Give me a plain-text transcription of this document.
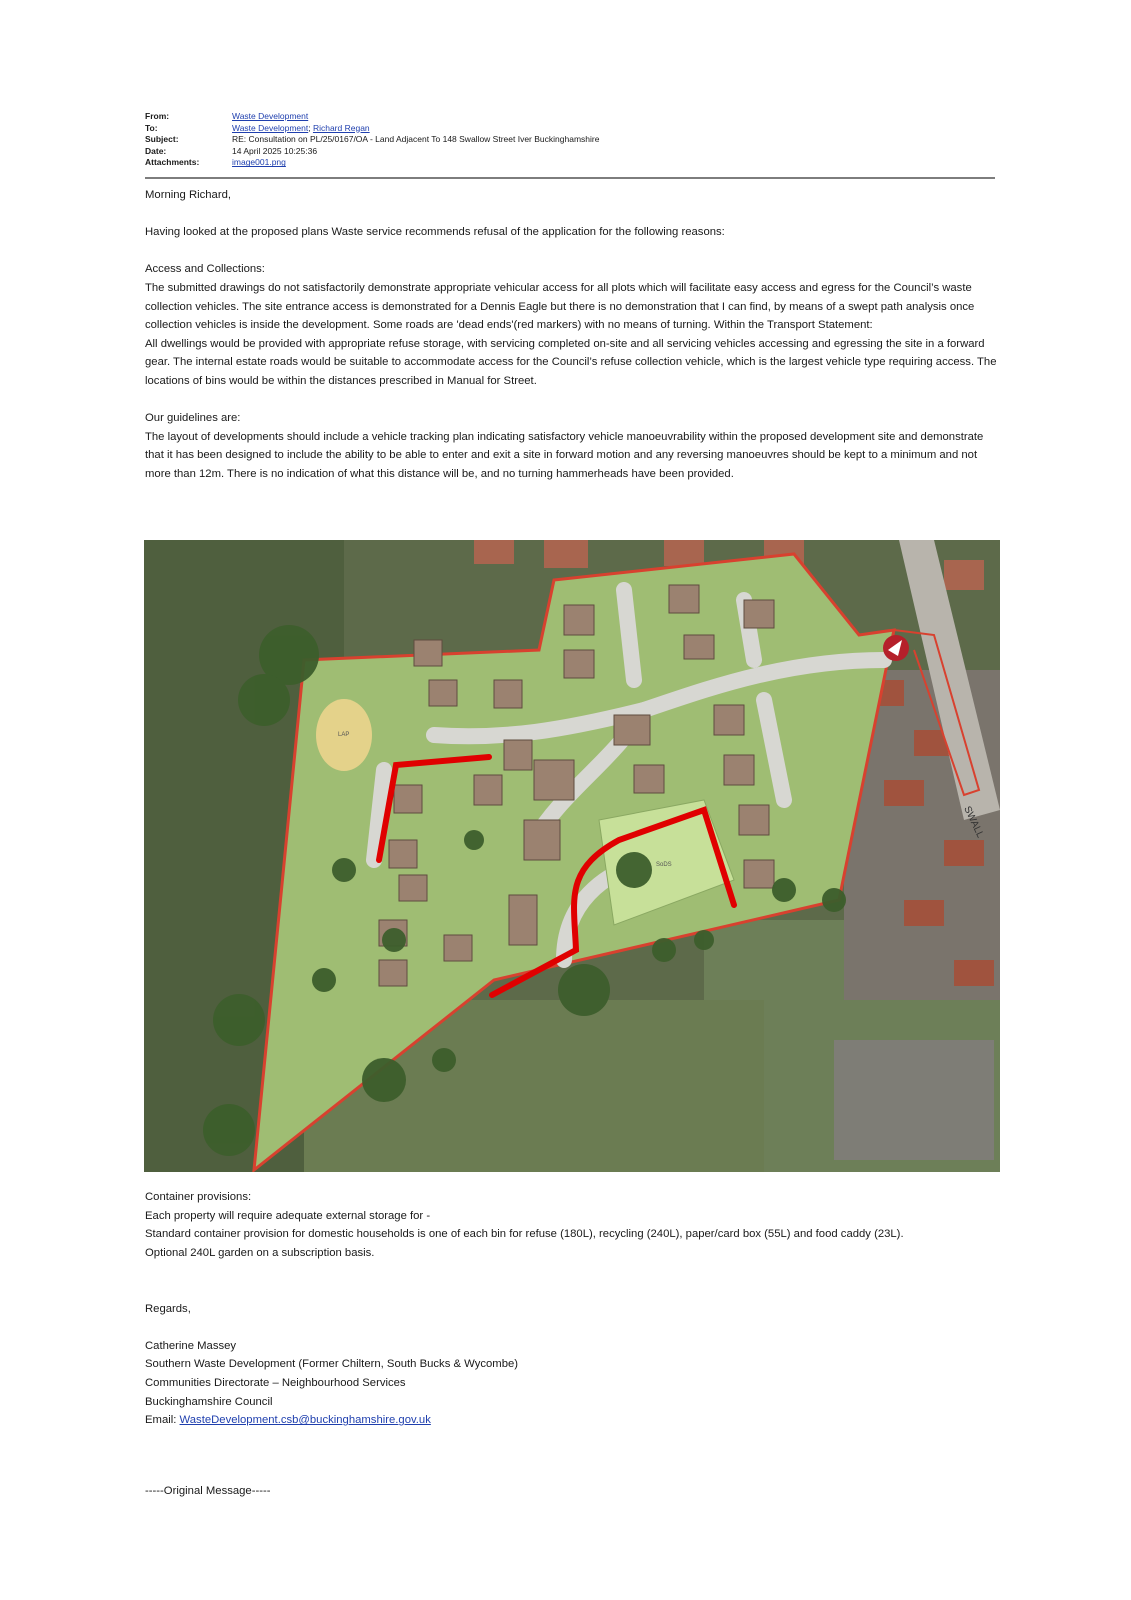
From:	Waste Development
To:	Waste Development; Richard Regan
Subject:	RE: Consultation on PL/25/0167/OA - Land Adjacent To 148 Swallow Street Iver Buckinghamshire
Date:	14 April 2025 10:25:36
Attachments:	image001.png

Morning Richard,

Having looked at the proposed plans Waste service recommends refusal of the application for the following reasons:

Access and Collections:

The submitted drawings do not satisfactorily demonstrate appropriate vehicular access for all plots which will facilitate easy access and egress for the Council’s waste collection vehicles. The site entrance access is demonstrated for a Dennis Eagle but there is no demonstration that I can find, by means of a swept path analysis once collection vehicles is inside the development. Some roads are 'dead ends'(red markers) with no means of turning. Within the Transport Statement:

All dwellings would be provided with appropriate refuse storage, with servicing completed on-site and all servicing vehicles accessing and egressing the site in a forward gear. The internal estate roads would be suitable to accommodate access for the Council’s refuse collection vehicle, which is the largest vehicle type requiring access. The locations of bins would be within the distances prescribed in Manual for Street.

Our guidelines are:

The layout of developments should include a vehicle tracking plan indicating satisfactory vehicle manoeuvrability within the proposed development site and demonstrate that it has been designed to include the ability to be able to enter and exit a site in forward motion and any reversing manoeuvres should be kept to a minimum and not more than 12m. There is no indication of what this distance will be, and no turning hammerheads have been provided.

LAP
SoDS
SWALL

Container provisions:

Each property will require adequate external storage for -

Standard container provision for domestic households is one of each bin for refuse (180L), recycling (240L), paper/card box (55L) and food caddy (23L).

Optional 240L garden on a subscription basis.

Regards,

Catherine Massey

Southern Waste Development (Former Chiltern, South Bucks & Wycombe)

Communities Directorate – Neighbourhood Services

Buckinghamshire Council

Email: WasteDevelopment.csb@buckinghamshire.gov.uk

-----Original Message-----
